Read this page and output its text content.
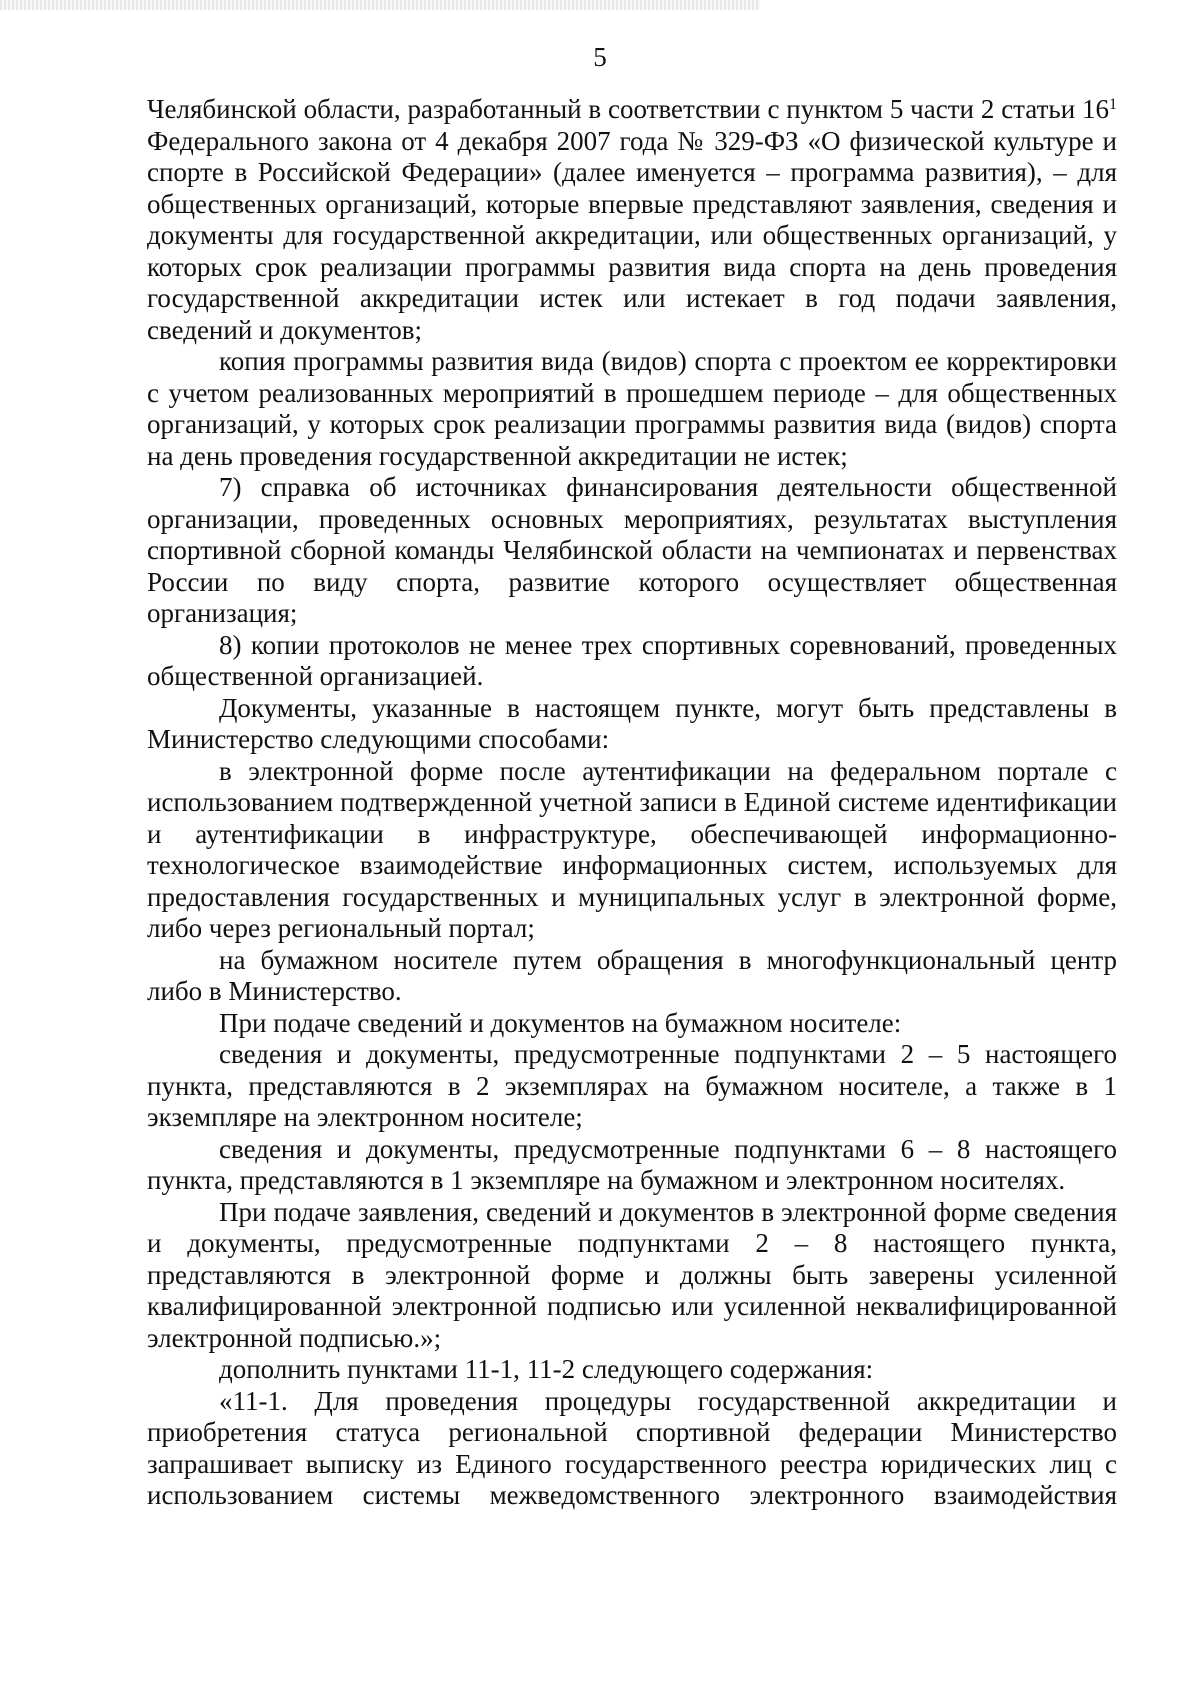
5

Челябинской области, разработанный в соответствии с пунктом 5 части 2 статьи $16^1$ Федерального закона от 4 декабря 2007 года № 329-ФЗ «О физической культуре и спорте в Российской Федерации» (далее именуется – программа развития), – для общественных организаций, которые впервые представляют заявления, сведения и документы для государственной аккредитации, или общественных организаций, у которых срок реализации программы развития вида спорта на день проведения государственной аккредитации истек или истекает в год подачи заявления, сведений и документов;

копия программы развития вида (видов) спорта с проектом ее корректировки с учетом реализованных мероприятий в прошедшем периоде – для общественных организаций, у которых срок реализации программы развития вида (видов) спорта на день проведения государственной аккредитации не истек;

7) справка об источниках финансирования деятельности общественной организации, проведенных основных мероприятиях, результатах выступления спортивной сборной команды Челябинской области на чемпионатах и первенствах России по виду спорта, развитие которого осуществляет общественная организация;

8) копии протоколов не менее трех спортивных соревнований, проведенных общественной организацией.

Документы, указанные в настоящем пункте, могут быть представлены в Министерство следующими способами:

в электронной форме после аутентификации на федеральном портале с использованием подтвержденной учетной записи в Единой системе идентификации и аутентификации в инфраструктуре, обеспечивающей информационно-технологическое взаимодействие информационных систем, используемых для предоставления государственных и муниципальных услуг в электронной форме, либо через региональный портал;

на бумажном носителе путем обращения в многофункциональный центр либо в Министерство.

При подаче сведений и документов на бумажном носителе:

сведения и документы, предусмотренные подпунктами 2 – 5 настоящего пункта, представляются в 2 экземплярах на бумажном носителе, а также в 1 экземпляре на электронном носителе;

сведения и документы, предусмотренные подпунктами 6 – 8 настоящего пункта, представляются в 1 экземпляре на бумажном и электронном носителях.

При подаче заявления, сведений и документов в электронной форме сведения и документы, предусмотренные подпунктами 2 – 8 настоящего пункта, представляются в электронной форме и должны быть заверены усиленной квалифицированной электронной подписью или усиленной неквалифицированной электронной подписью.»;

дополнить пунктами 11-1, 11-2 следующего содержания:

«11-1. Для проведения процедуры государственной аккредитации и приобретения статуса региональной спортивной федерации Министерство запрашивает выписку из Единого государственного реестра юридических лиц с использованием системы межведомственного электронного взаимодействия
